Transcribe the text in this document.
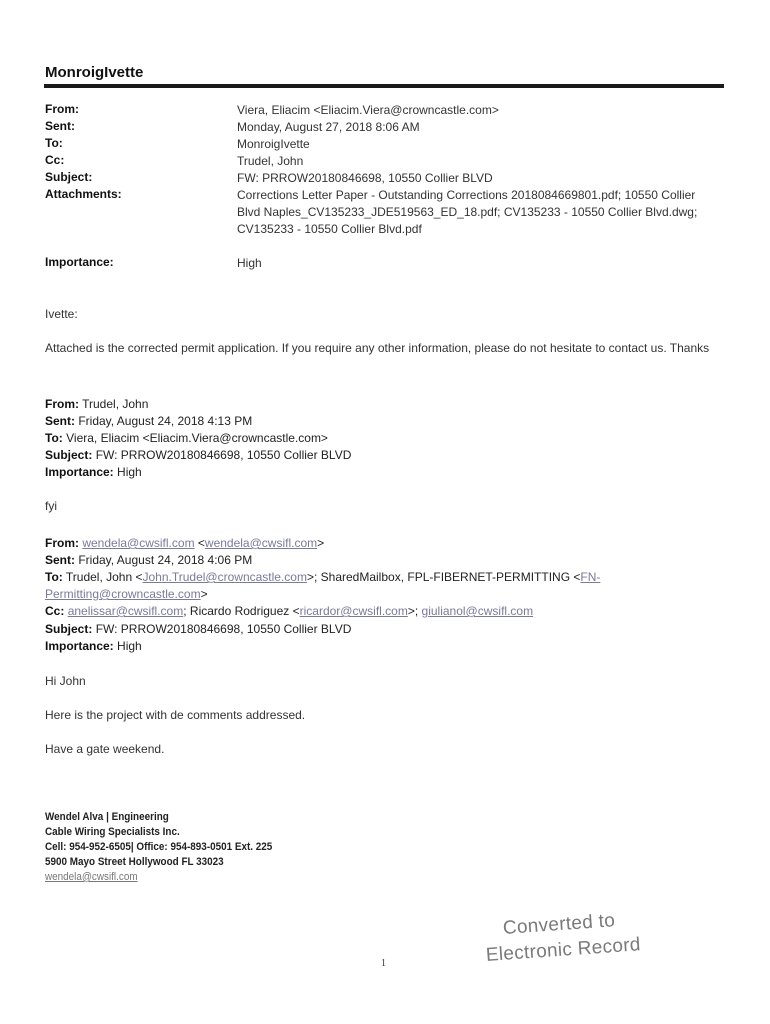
MonroigIvette
From:	Viera, Eliacim <Eliacim.Viera@crowncastle.com>
Sent:	Monday, August 27, 2018 8:06 AM
To:	MonroigIvette
Cc:	Trudel, John
Subject:	FW: PRROW20180846698, 10550 Collier BLVD
Attachments:	Corrections Letter Paper - Outstanding Corrections 2018084669801.pdf; 10550 Collier Blvd Naples_CV135233_JDE519563_ED_18.pdf; CV135233 - 10550 Collier Blvd.dwg; CV135233 - 10550 Collier Blvd.pdf
Importance:	High
Ivette:
Attached is the corrected permit application. If you require any other information, please do not hesitate to contact us. Thanks
From: Trudel, John
Sent: Friday, August 24, 2018 4:13 PM
To: Viera, Eliacim <Eliacim.Viera@crowncastle.com>
Subject: FW: PRROW20180846698, 10550 Collier BLVD
Importance: High
fyi
From: wendela@cwsifl.com <wendela@cwsifl.com>
Sent: Friday, August 24, 2018 4:06 PM
To: Trudel, John <John.Trudel@crowncastle.com>; SharedMailbox, FPL-FIBERNET-PERMITTING <FN-
Permitting@crowncastle.com>
Cc: anelissar@cwsifl.com; Ricardo Rodriguez <ricardor@cwsifl.com>; giulianol@cwsifl.com
Subject: FW: PRROW20180846698, 10550 Collier BLVD
Importance: High
Hi John
Here is the project with de comments addressed.
Have a gate weekend.
Wendel Alva | Engineering
Cable Wiring Specialists Inc.
Cell: 954-952-6505| Office: 954-893-0501 Ext. 225
5900 Mayo Street Hollywood FL 33023
wendela@cwsifl.com
1
Converted to
Electronic Record
